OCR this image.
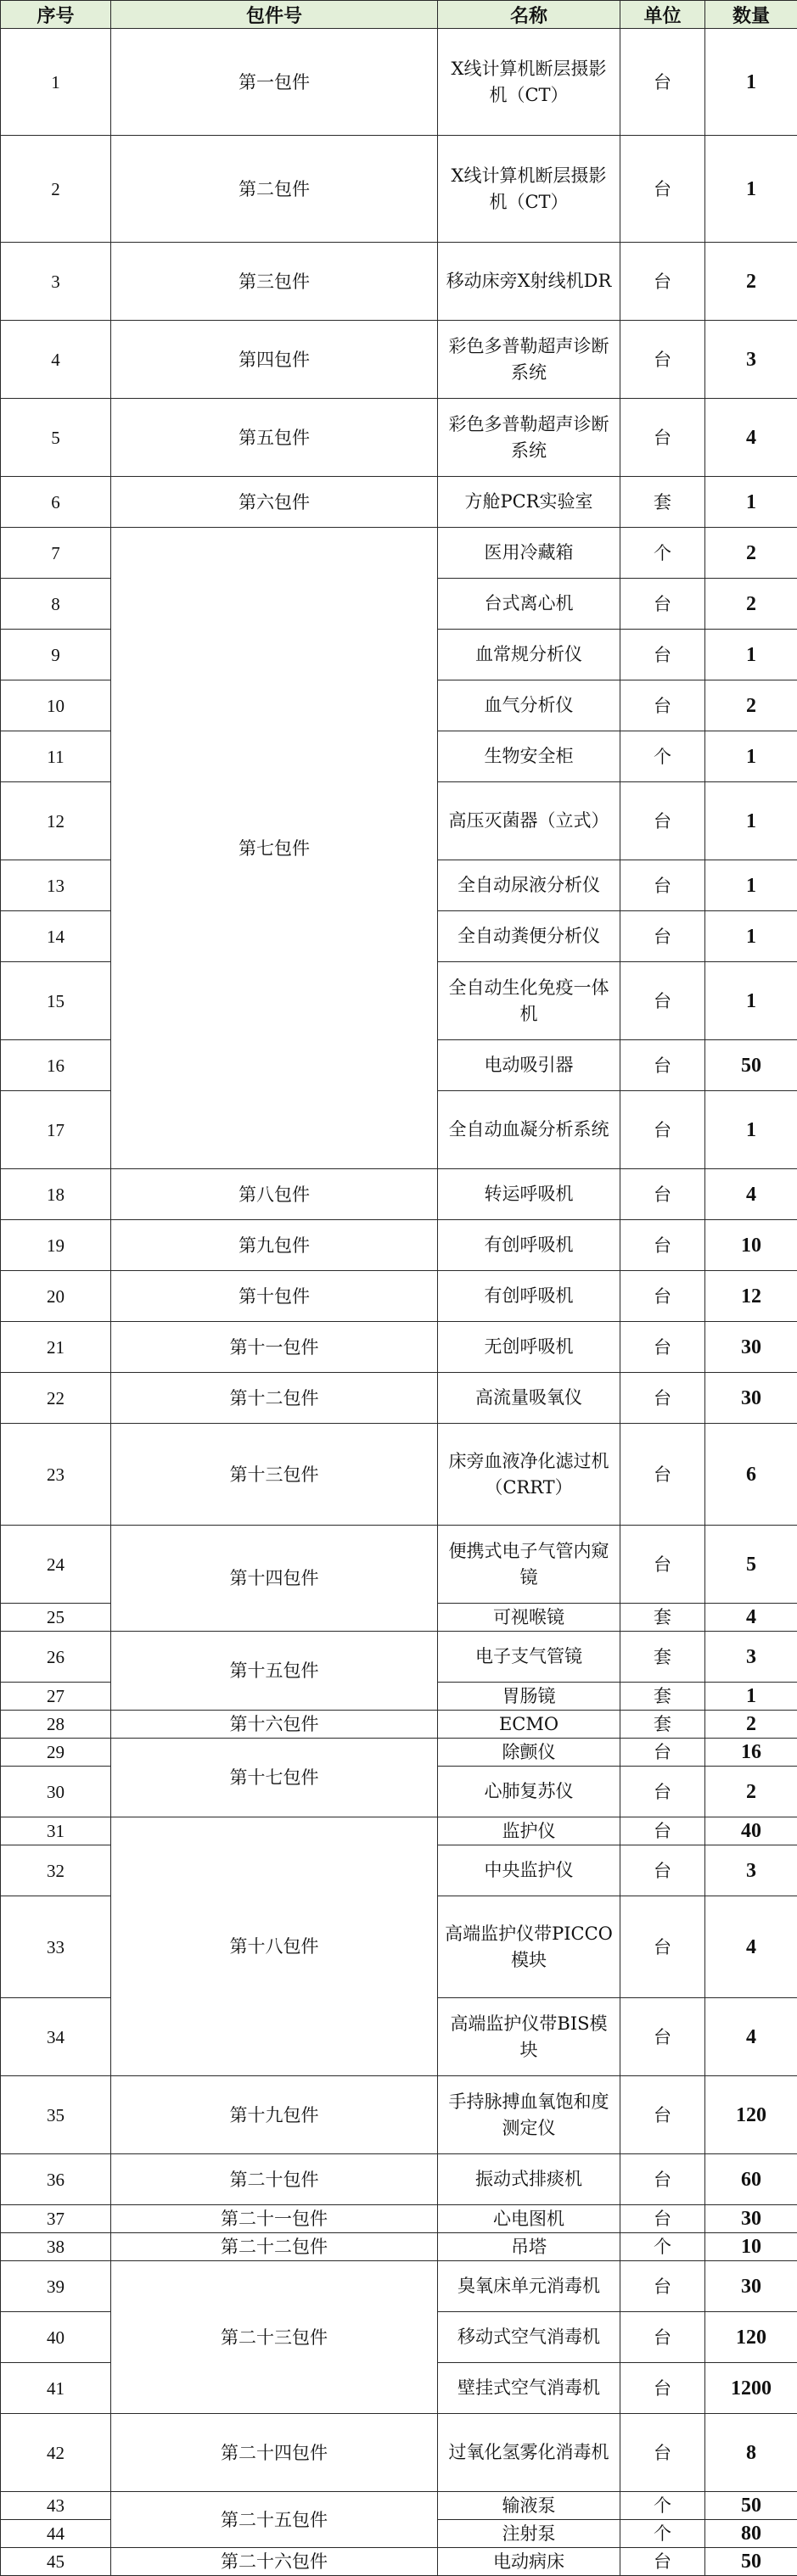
序号	包件号	名称	单位	数量
1	第一包件	X线计算机断层摄影机（CT）	台	1
2	第二包件	X线计算机断层摄影机（CT）	台	1
3	第三包件	移动床旁X射线机DR	台	2
4	第四包件	彩色多普勒超声诊断系统	台	3
5	第五包件	彩色多普勒超声诊断系统	台	4
6	第六包件	方舱PCR实验室	套	1
7	第七包件	医用冷藏箱	个	2
8		台式离心机	台	2
9		血常规分析仪	台	1
10		血气分析仪	台	2
11		生物安全柜	个	1
12		高压灭菌器（立式）	台	1
13		全自动尿液分析仪	台	1
14		全自动粪便分析仪	台	1
15		全自动生化免疫一体机	台	1
16		电动吸引器	台	50
17		全自动血凝分析系统	台	1
18	第八包件	转运呼吸机	台	4
19	第九包件	有创呼吸机	台	10
20	第十包件	有创呼吸机	台	12
21	第十一包件	无创呼吸机	台	30
22	第十二包件	高流量吸氧仪	台	30
23	第十三包件	床旁血液净化滤过机（CRRT）	台	6
24	第十四包件	便携式电子气管内窥镜	台	5
25		可视喉镜	套	4
26	第十五包件	电子支气管镜	套	3
27		胃肠镜	套	1
28	第十六包件	ECMO	套	2
29	第十七包件	除颤仪	台	16
30		心肺复苏仪	台	2
31	第十八包件	监护仪	台	40
32		中央监护仪	台	3
33		高端监护仪带PICCO模块	台	4
34		高端监护仪带BIS模块	台	4
35	第十九包件	手持脉搏血氧饱和度测定仪	台	120
36	第二十包件	振动式排痰机	台	60
37	第二十一包件	心电图机	台	30
38	第二十二包件	吊塔	个	10
39	第二十三包件	臭氧床单元消毒机	台	30
40		移动式空气消毒机	台	120
41		壁挂式空气消毒机	台	1200
42	第二十四包件	过氧化氢雾化消毒机	台	8
43	第二十五包件	输液泵	个	50
44		注射泵	个	80
45	第二十六包件	电动病床	台	50
